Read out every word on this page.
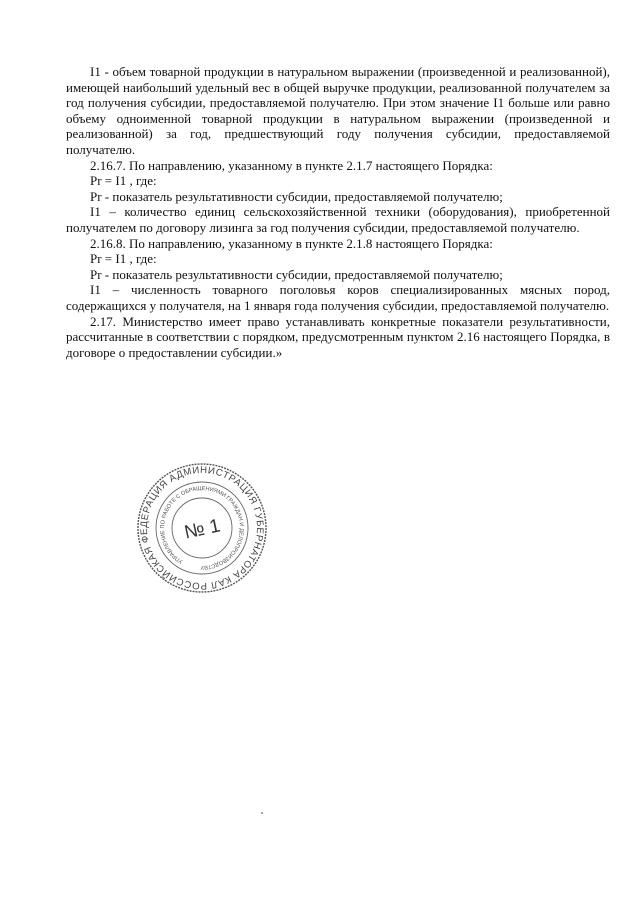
I1 - объем товарной продукции в натуральном выражении (произведенной и реализованной), имеющей наибольший удельный вес в общей выручке продукции, реализованной получателем за год получения субсидии, предоставляемой получателю. При этом значение I1 больше или равно объему одноименной товарной продукции в натуральном выражении (произведенной и реализованной) за год, предшествующий году получения субсидии, предоставляемой получателю.

2.16.7. По направлению, указанному в пункте 2.1.7 настоящего Порядка:

Pr = I1 , где:

Pr - показатель результативности субсидии, предоставляемой получателю;

I1 – количество единиц сельскохозяйственной техники (оборудования), приобретенной получателем по договору лизинга за год получения субсидии, предоставляемой получателю.

2.16.8. По направлению, указанному в пункте 2.1.8 настоящего Порядка:

Pr = I1 , где:

Pr - показатель результативности субсидии, предоставляемой получателю;

I1 – численность товарного поголовья коров специализированных мясных пород, содержащихся у получателя, на 1 января года получения субсидии, предоставляемой получателю.

2.17. Министерство имеет право устанавливать конкретные показатели результативности, рассчитанные в соответствии с порядком, предусмотренным пунктом 2.16 настоящего Порядка, в договоре о предоставлении субсидии.»

РОССИЙСКАЯ ФЕДЕРАЦИЯ АДМИНИСТРАЦИЯ ГУБЕРНАТОРА КАЛУЖСКОЙ
УПРАВЛЕНИЕ ПО РАБОТЕ С ОБРАЩЕНИЯМИ ГРАЖДАН И ДЕЛОПРОИЗВОДСТВУ
№ 1
